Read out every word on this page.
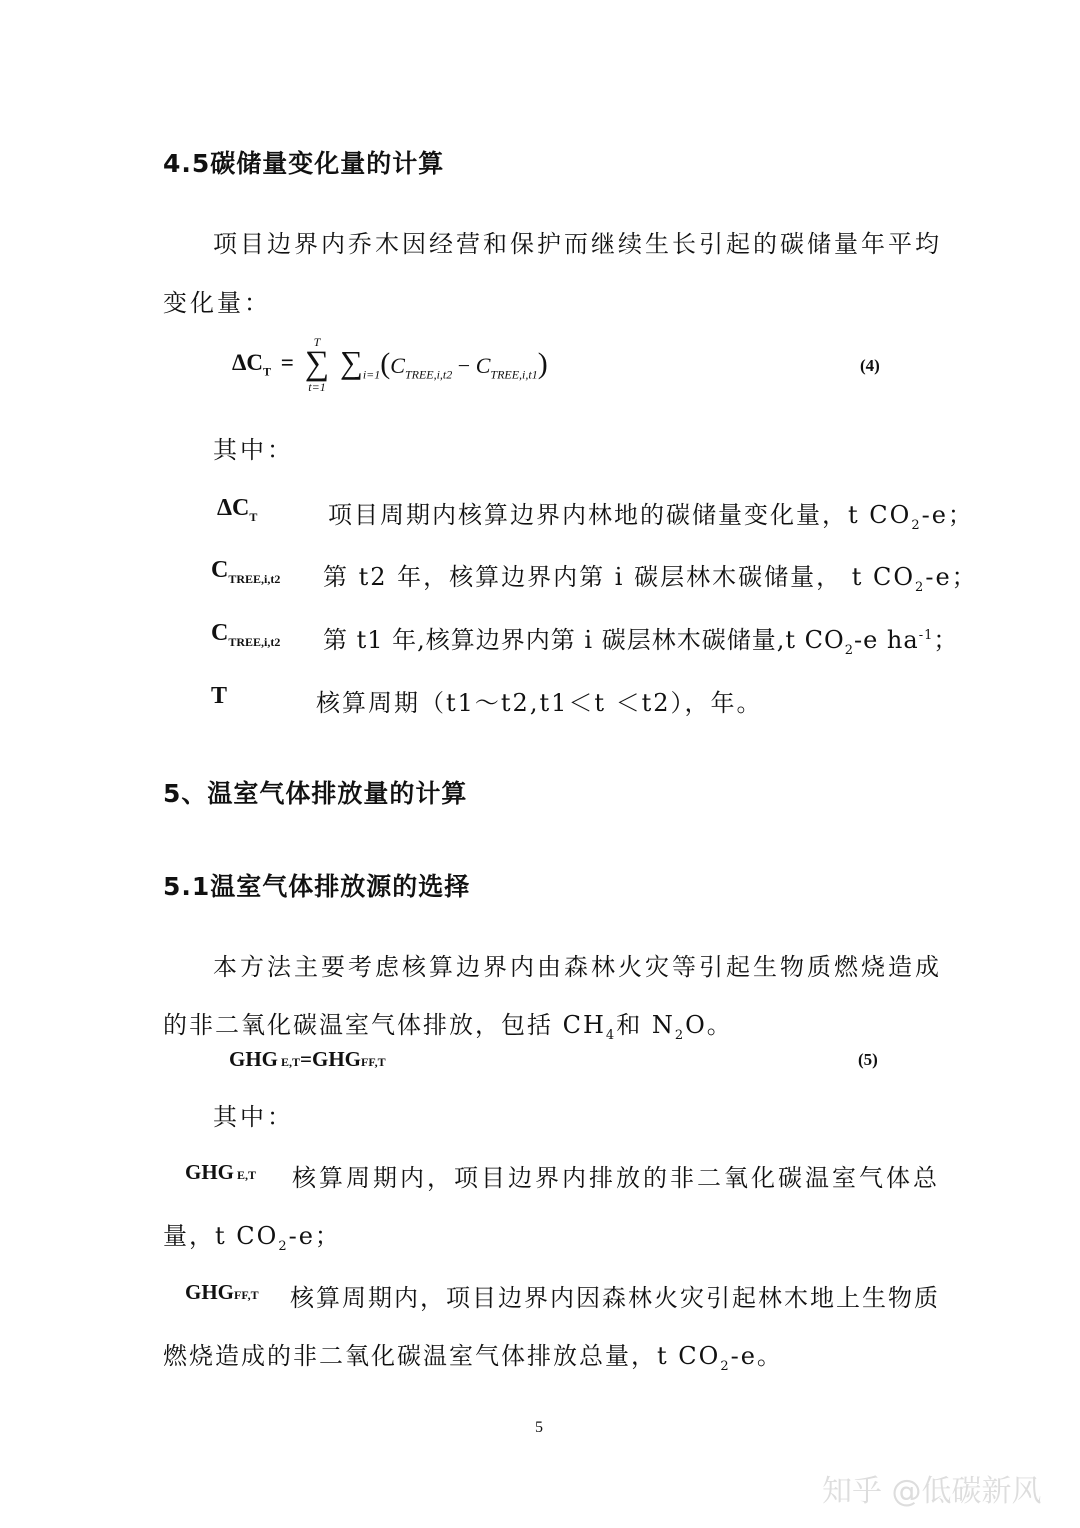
4.5碳储量变化量的计算
项目边界内乔木因经营和保护而继续生长引起的碳储量年平均
变化量：
$\Delta C_T$ =
T
∑
t=1
$\sum_{i=1}(C_{TREE,i,t2} - C_{TREE,i,t1})$	(4)
其中：
$\Delta C_T$	项目周期内核算边界内林地的碳储量变化量，t $CO_2-e$；
$C_{TREE,i,t2}$ 第 t2 年，核算边界内第 i 碳层林木碳储量， t $CO_2-e$；
$C_{TREE,i,t2}$ 第 t1 年,核算边界内第 i 碳层林木碳储量,t $CO_2-e$ $ha^{-1}$；
T	核算周期（t1～t2,t1＜t ＜t2），年。
5、温室气体排放量的计算
5.1温室气体排放源的选择
本方法主要考虑核算边界内由森林火灾等引起生物质燃烧造成
的非二氧化碳温室气体排放，包括 $CH_4$和 $N_2O$。
GHG E,T=GHGFF,T	(5)
其中：
GHG E,T 核算周期内，项目边界内排放的非二氧化碳温室气体总
量，t $CO_2-e$；
GHGFF,T 核算周期内，项目边界内因森林火灾引起林木地上生物质
燃烧造成的非二氧化碳温室气体排放总量，t $CO_2-e$。
5
知乎 @低碳新风
